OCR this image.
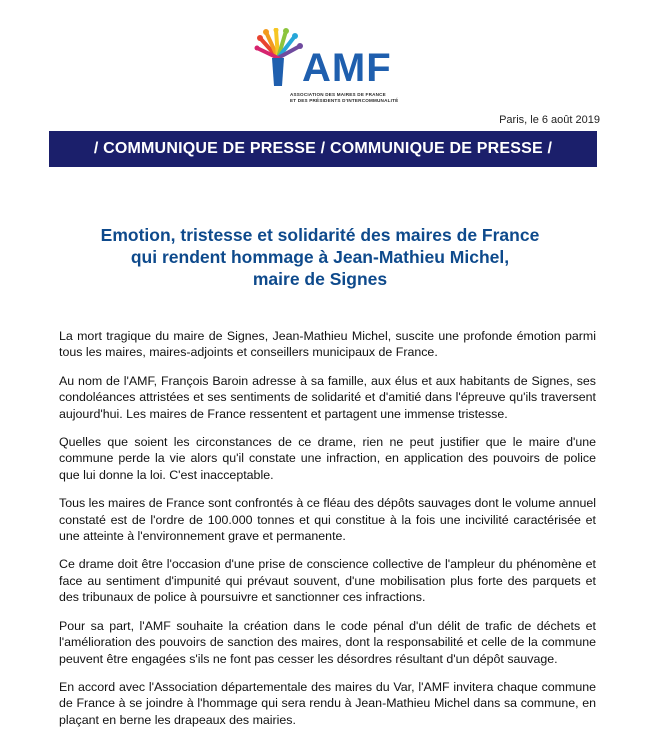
AMF
ASSOCIATION DES MAIRES DE FRANCE
ET DES PRÉSIDENTS D'INTERCOMMUNALITÉ
Paris, le 6 août 2019
/ COMMUNIQUE DE PRESSE / COMMUNIQUE DE PRESSE /
Emotion, tristesse et solidarité des maires de France
qui rendent hommage à Jean-Mathieu Michel,
maire de Signes

La mort tragique du maire de Signes, Jean-Mathieu Michel, suscite une profonde émotion parmi tous les maires, maires-adjoints et conseillers municipaux de France.

Au nom de l'AMF, François Baroin adresse à sa famille, aux élus et aux habitants de Signes, ses condoléances attristées et ses sentiments de solidarité et d'amitié dans l'épreuve qu'ils traversent aujourd'hui. Les maires de France ressentent et partagent une immense tristesse.

Quelles que soient les circonstances de ce drame, rien ne peut justifier que le maire d'une commune perde la vie alors qu'il constate une infraction, en application des pouvoirs de police que lui donne la loi. C'est inacceptable.

Tous les maires de France sont confrontés à ce fléau des dépôts sauvages dont le volume annuel constaté est de l'ordre de 100.000 tonnes et qui constitue à la fois une incivilité caractérisée et une atteinte à l'environnement grave et permanente.

Ce drame doit être l'occasion d'une prise de conscience collective de l'ampleur du phénomène et face au sentiment d'impunité qui prévaut souvent, d'une mobilisation plus forte des parquets et des tribunaux de police à poursuivre et sanctionner ces infractions.

Pour sa part, l'AMF souhaite la création dans le code pénal d'un délit de trafic de déchets et l'amélioration des pouvoirs de sanction des maires, dont la responsabilité et celle de la commune peuvent être engagées s'ils ne font pas cesser les désordres résultant d'un dépôt sauvage.

En accord avec l'Association départementale des maires du Var, l'AMF invitera chaque commune de France à se joindre à l'hommage qui sera rendu à Jean-Mathieu Michel dans sa commune, en plaçant en berne les drapeaux des mairies.
